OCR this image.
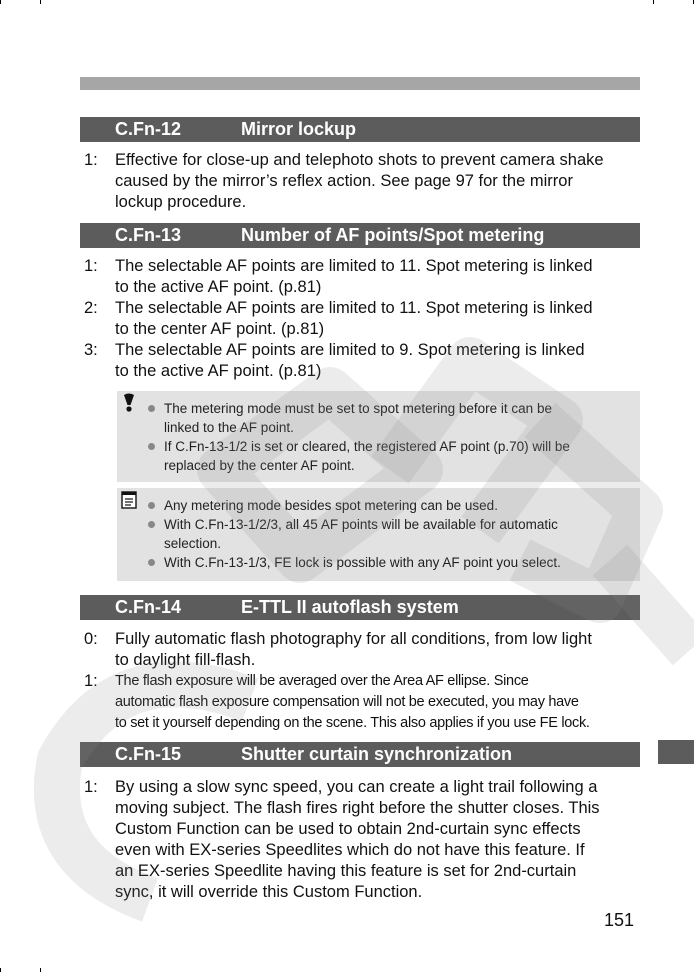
C.Fn-12	Mirror lockup
1: Effective for close-up and telephoto shots to prevent camera shake
caused by the mirror’s reflex action. See page 97 for the mirror
lockup procedure.
C.Fn-13	Number of AF points/Spot metering
1: The selectable AF points are limited to 11. Spot metering is linked
to the active AF point. (p.81)
2: The selectable AF points are limited to 11. Spot metering is linked
to the center AF point. (p.81)
3: The selectable AF points are limited to 9. Spot metering is linked
to the active AF point. (p.81)
The metering mode must be set to spot metering before it can be
linked to the AF point.
If C.Fn-13-1/2 is set or cleared, the registered AF point (p.70) will be
replaced by the center AF point.
Any metering mode besides spot metering can be used.
With C.Fn-13-1/2/3, all 45 AF points will be available for automatic
selection.
With C.Fn-13-1/3, FE lock is possible with any AF point you select.
C.Fn-14	E-TTL II autoflash system
0: Fully automatic flash photography for all conditions, from low light
to daylight fill-flash.
1: The flash exposure will be averaged over the Area AF ellipse. Since
automatic flash exposure compensation will not be executed, you may have
to set it yourself depending on the scene. This also applies if you use FE lock.
C.Fn-15	Shutter curtain synchronization
1: By using a slow sync speed, you can create a light trail following a
moving subject. The flash fires right before the shutter closes. This
Custom Function can be used to obtain 2nd-curtain sync effects
even with EX-series Speedlites which do not have this feature. If
an EX-series Speedlite having this feature is set for 2nd-curtain
sync, it will override this Custom Function.
151
